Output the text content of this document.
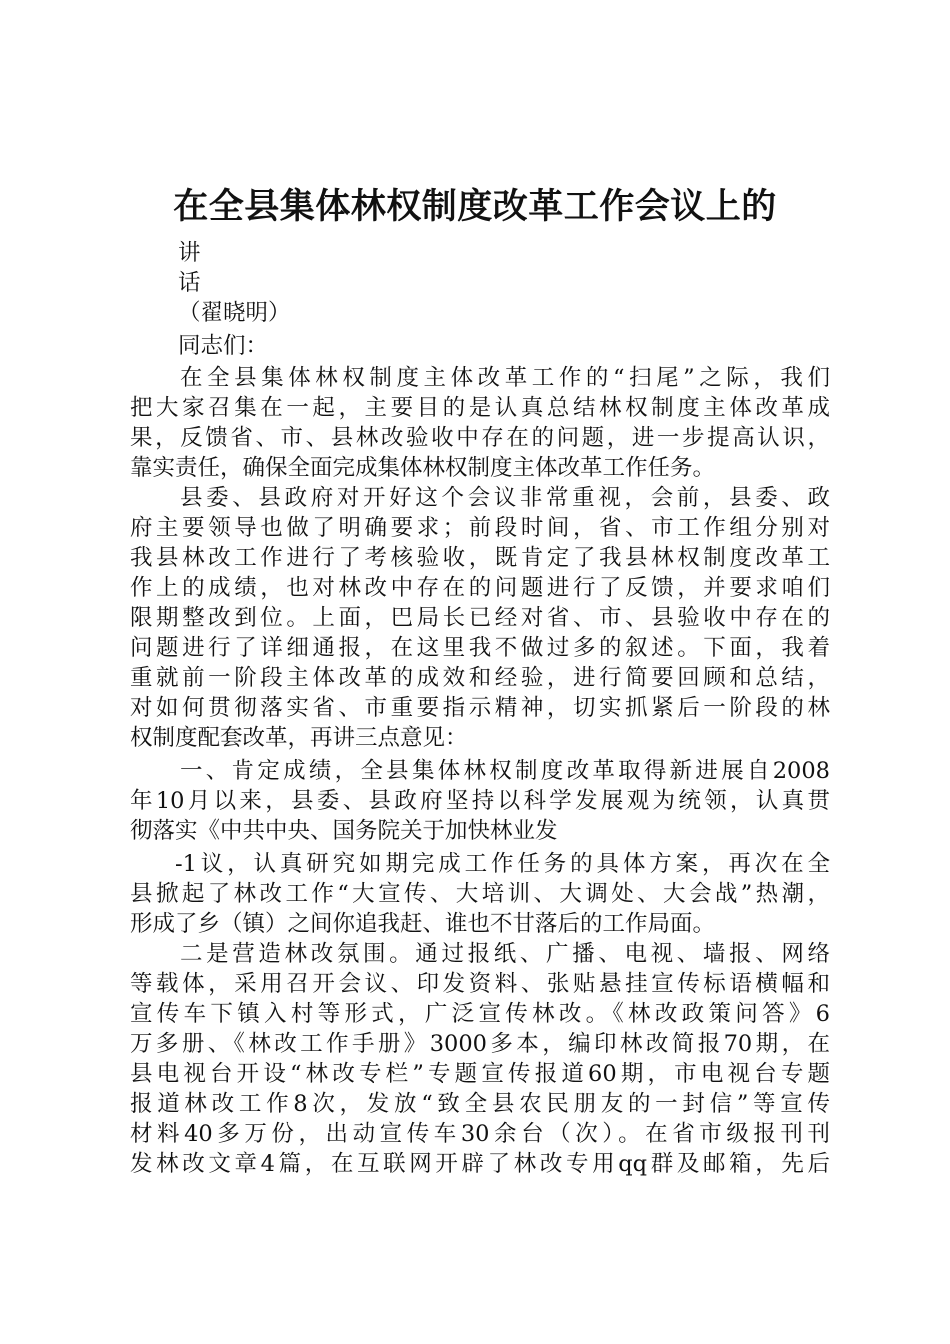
在全县集体林权制度改革工作会议上的
讲
话
（翟晓明）
同志们：
在全县集体林权制度主体改革工作的“扫尾”之际，我们
把大家召集在一起，主要目的是认真总结林权制度主体改革成
果，反馈省、市、县林改验收中存在的问题，进一步提高认识，
靠实责任，确保全面完成集体林权制度主体改革工作任务。
县委、县政府对开好这个会议非常重视，会前，县委、政
府主要领导也做了明确要求；前段时间，省、市工作组分别对
我县林改工作进行了考核验收，既肯定了我县林权制度改革工
作上的成绩，也对林改中存在的问题进行了反馈，并要求咱们
限期整改到位。上面，巴局长已经对省、市、县验收中存在的
问题进行了详细通报，在这里我不做过多的叙述。下面，我着
重就前一阶段主体改革的成效和经验，进行简要回顾和总结，
对如何贯彻落实省、市重要指示精神，切实抓紧后一阶段的林
权制度配套改革，再讲三点意见：
一、肯定成绩，全县集体林权制度改革取得新进展自2008
年10月以来，县委、县政府坚持以科学发展观为统领，认真贯
彻落实《中共中央、国务院关于加快林业发
-1议，认真研究如期完成工作任务的具体方案，再次在全
县掀起了林改工作“大宣传、大培训、大调处、大会战”热潮，
形成了乡（镇）之间你追我赶、谁也不甘落后的工作局面。
二是营造林改氛围。通过报纸、广播、电视、墙报、网络
等载体，采用召开会议、印发资料、张贴悬挂宣传标语横幅和
宣传车下镇入村等形式，广泛宣传林改。《林改政策问答》6
万多册、《林改工作手册》3000多本，编印林改简报70期，在
县电视台开设“林改专栏”专题宣传报道60期，市电视台专题
报道林改工作8次，发放“致全县农民朋友的一封信”等宣传
材料40多万份，出动宣传车30余台（次）。在省市级报刊刊
发林改文章4篇，在互联网开辟了林改专用qq群及邮箱，先后
